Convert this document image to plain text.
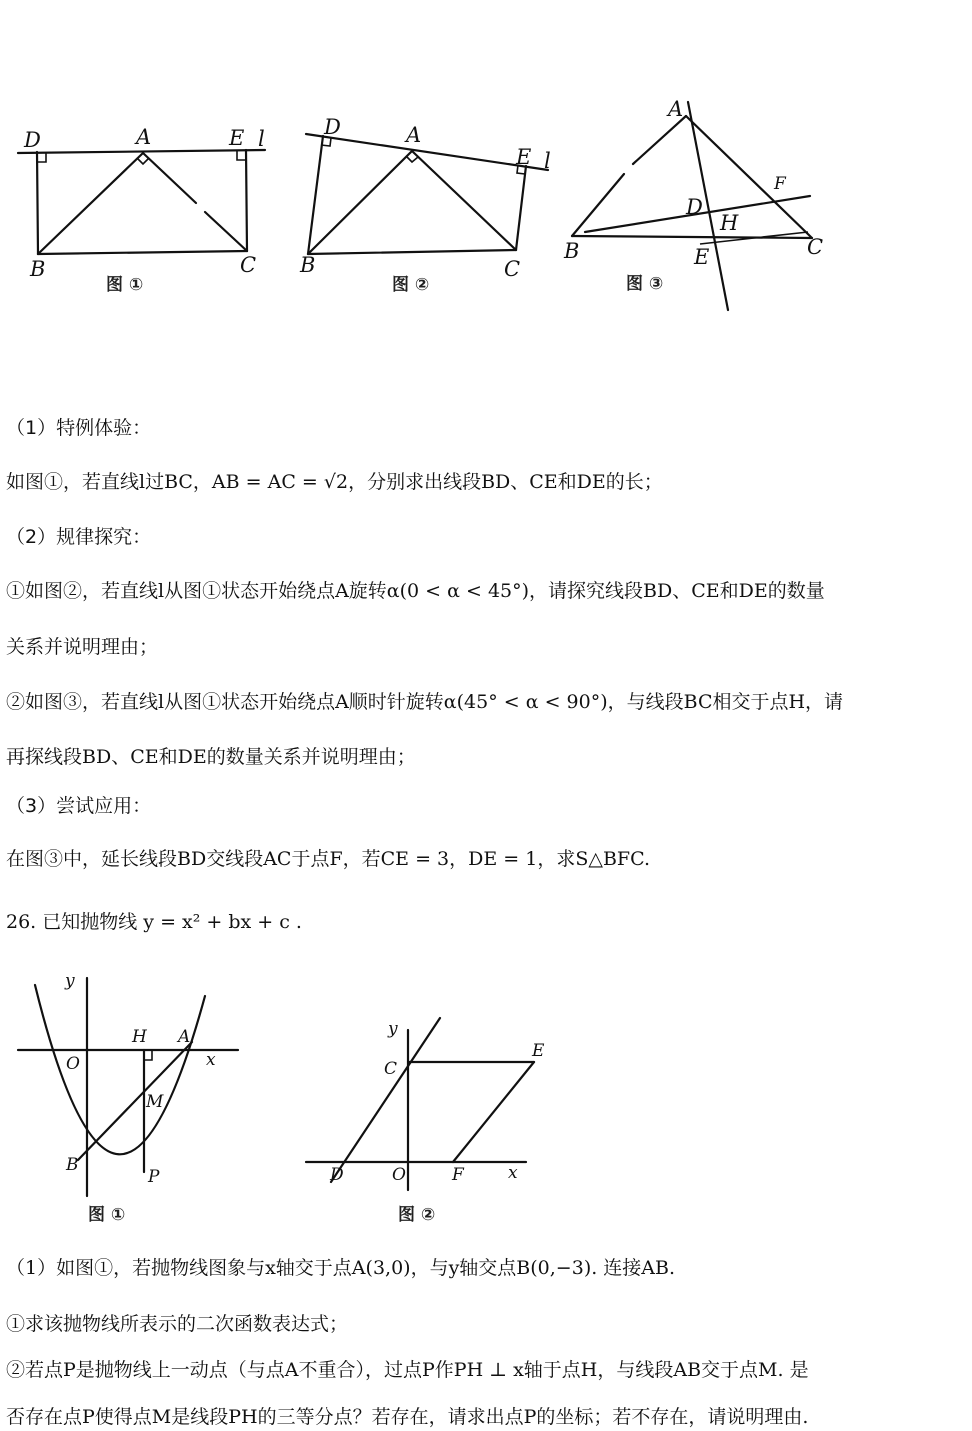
D	A	E l
B	C
图 ①
D	A
E l
B	C
图 ②
A
F
D
H
B	E	C
图 ③
（1）特例体验：
如图①，若直线l过BC，AB = AC = √2，分别求出线段BD、CE和DE的长；
（2）规律探究：
①如图②，若直线l从图①状态开始绕点A旋转α(0 < α < 45°)，请探究线段BD、CE和DE的数量
关系并说明理由；
②如图③，若直线l从图①状态开始绕点A顺时针旋转α(45° < α < 90°)，与线段BC相交于点H，请
再探线段BD、CE和DE的数量关系并说明理由；
（3）尝试应用：
在图③中，延长线段BD交线段AC于点F，若CE = 3，DE = 1，求S△BFC.
26. 已知抛物线 y = x² + bx + c .
y
H A
O	x
M
B
P
图 ①
y
C
E
D	O	F	x
图 ②
（1）如图①，若抛物线图象与x轴交于点A(3,0)，与y轴交点B(0,−3). 连接AB.
①求该抛物线所表示的二次函数表达式；
②若点P是抛物线上一动点（与点A不重合），过点P作PH ⊥ x轴于点H，与线段AB交于点M. 是
否存在点P使得点M是线段PH的三等分点？若存在，请求出点P的坐标；若不存在，请说明理由.
